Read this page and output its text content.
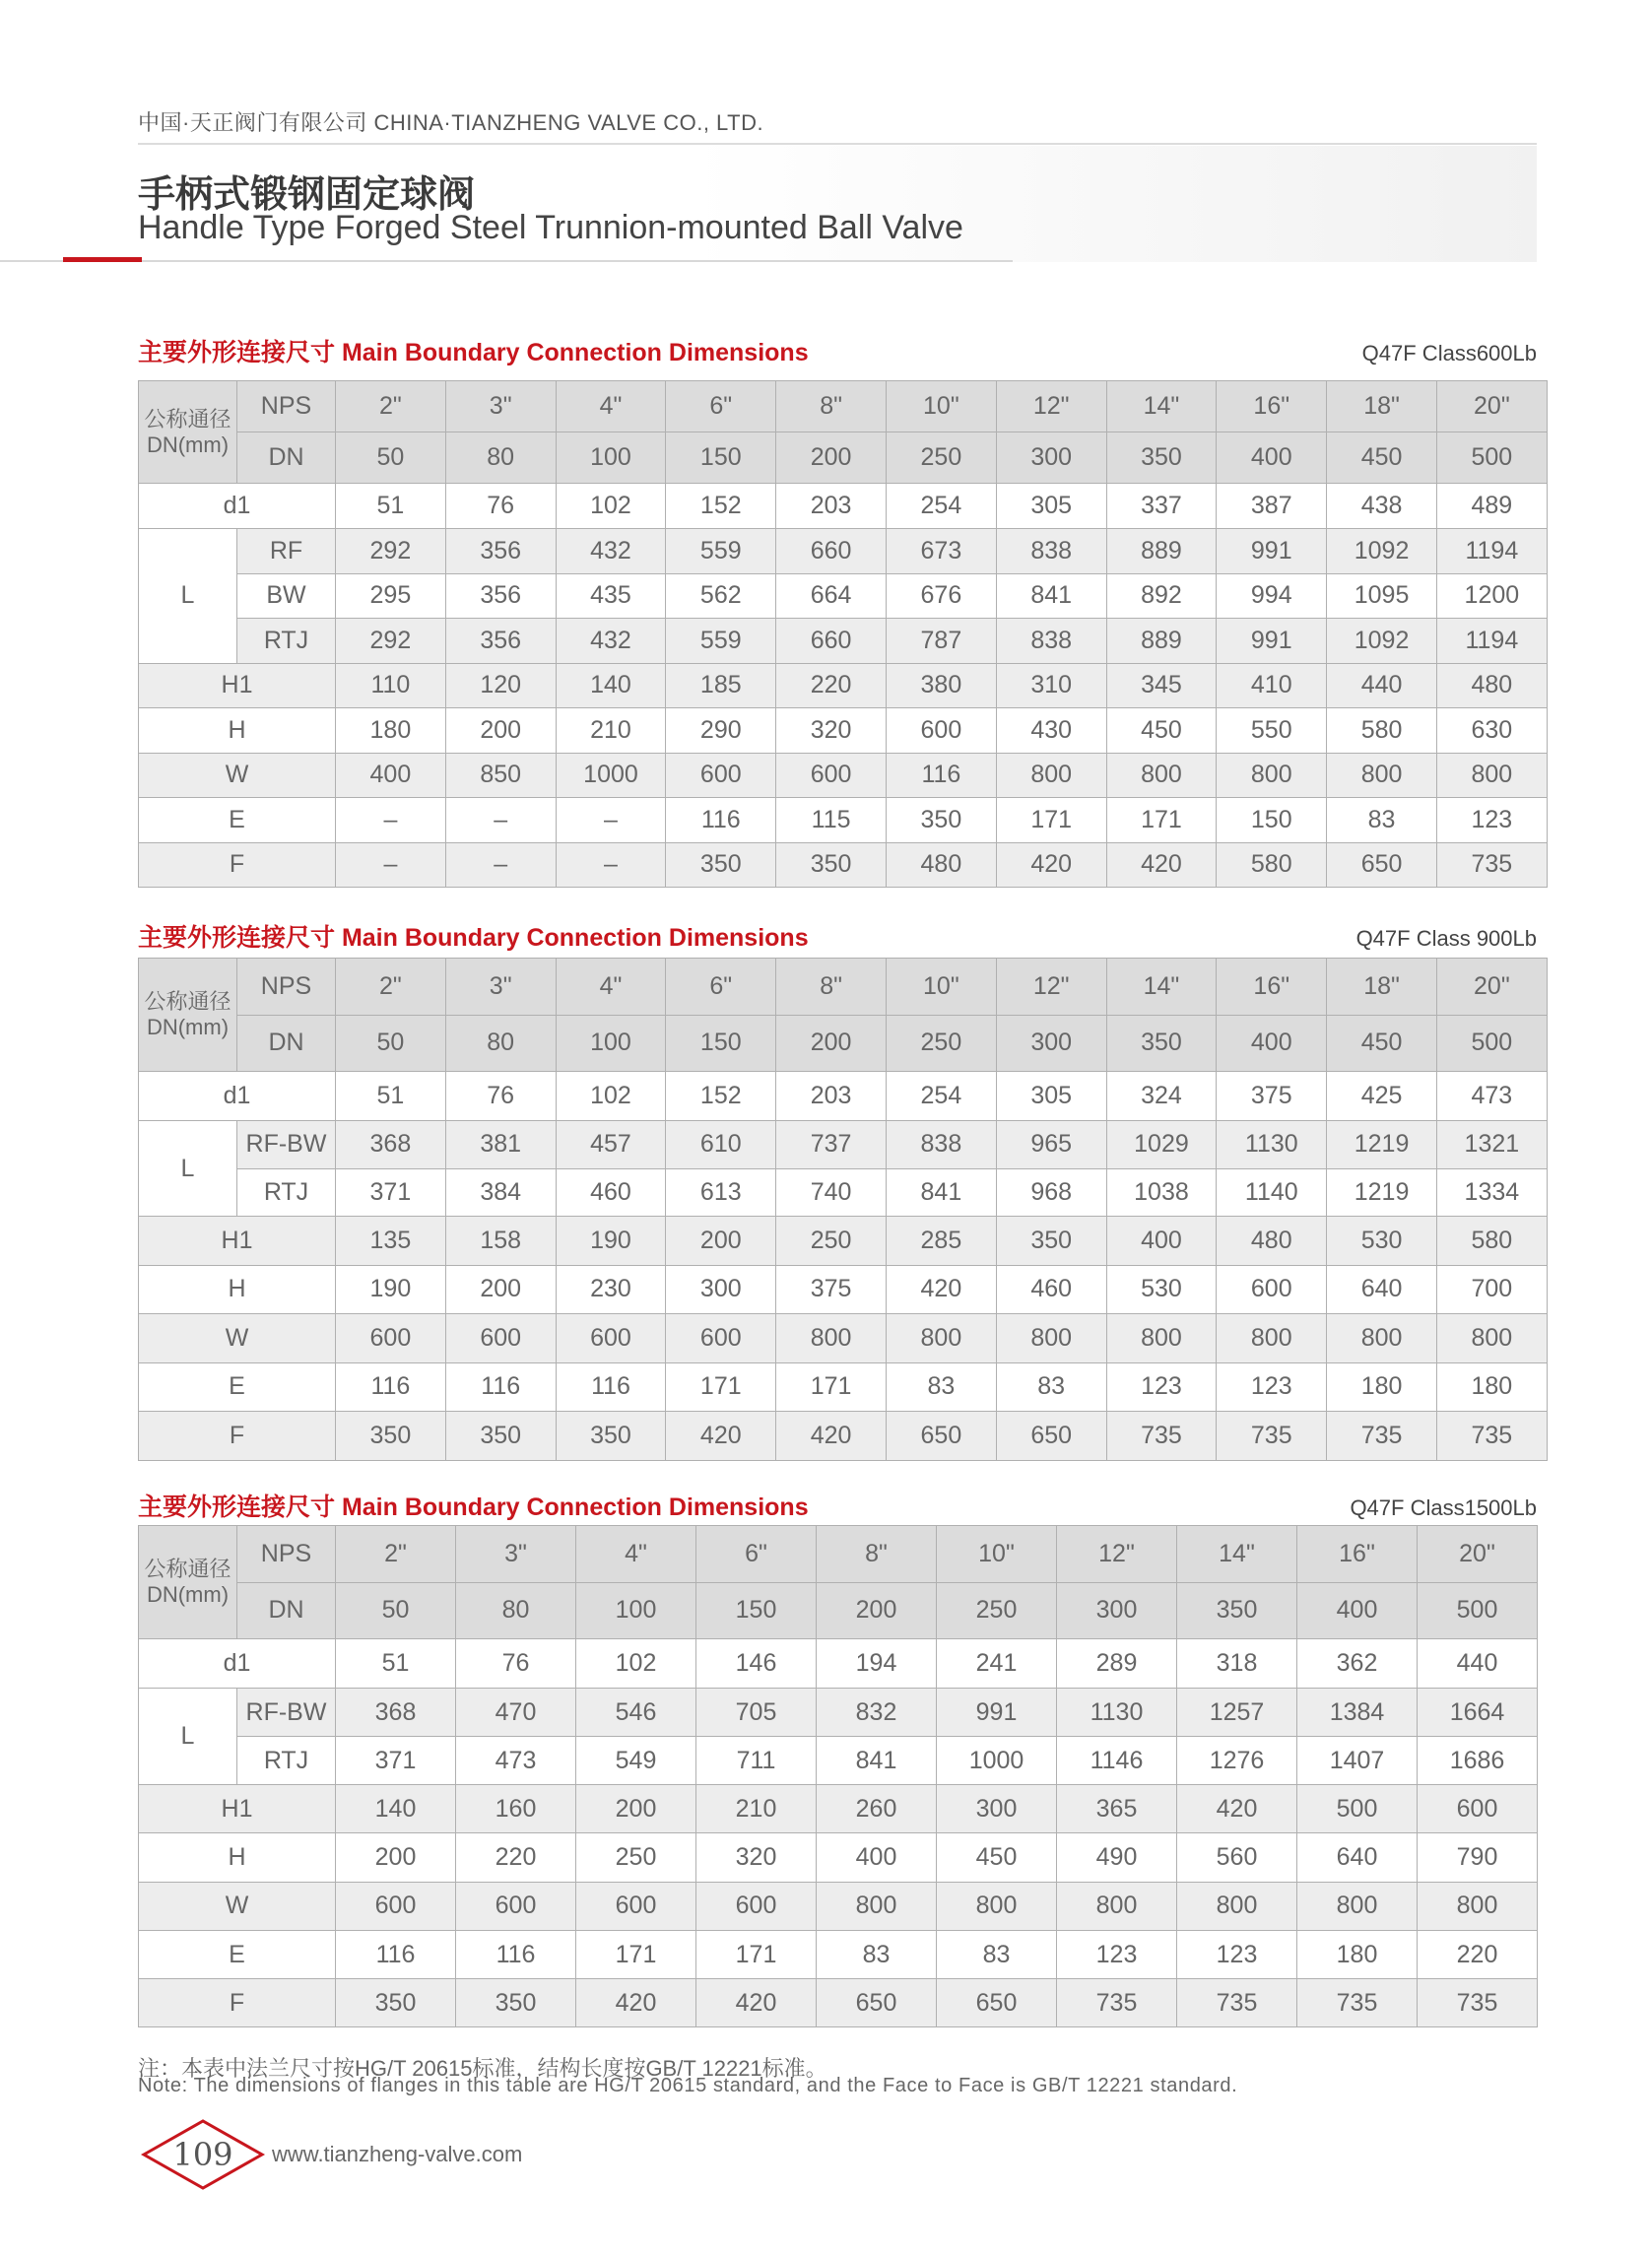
中国·天正阀门有限公司 CHINA·TIANZHENG VALVE CO., LTD.
手柄式锻钢固定球阀
Handle Type Forged Steel Trunnion-mounted Ball Valve
主要外形连接尺寸 Main Boundary Connection Dimensions	Q47F Class600Lb
公称通径DN(mm)	NPS	2"	3"	4"	6"	8"	10"	12"	14"	16"	18"	20"
	DN	50	80	100	150	200	250	300	350	400	450	500
d1		51	76	102	152	203	254	305	337	387	438	489
L	RF	292	356	432	559	660	673	838	889	991	1092	1194
	BW	295	356	435	562	664	676	841	892	994	1095	1200
	RTJ	292	356	432	559	660	787	838	889	991	1092	1194
H1		110	120	140	185	220	380	310	345	410	440	480
H		180	200	210	290	320	600	430	450	550	580	630
W		400	850	1000	600	600	116	800	800	800	800	800
E		–	–	–	116	115	350	171	171	150	83	123
F		–	–	–	350	350	480	420	420	580	650	735
主要外形连接尺寸 Main Boundary Connection Dimensions	Q47F Class 900Lb
公称通径DN(mm)	NPS	2"	3"	4"	6"	8"	10"	12"	14"	16"	18"	20"
	DN	50	80	100	150	200	250	300	350	400	450	500
d1		51	76	102	152	203	254	305	324	375	425	473
L	RF-BW	368	381	457	610	737	838	965	1029	1130	1219	1321
	RTJ	371	384	460	613	740	841	968	1038	1140	1219	1334
H1		135	158	190	200	250	285	350	400	480	530	580
H		190	200	230	300	375	420	460	530	600	640	700
W		600	600	600	600	800	800	800	800	800	800	800
E		116	116	116	171	171	83	83	123	123	180	180
F		350	350	350	420	420	650	650	735	735	735	735
主要外形连接尺寸 Main Boundary Connection Dimensions	Q47F Class1500Lb
公称通径DN(mm)	NPS	2"	3"	4"	6"	8"	10"	12"	14"	16"	20"
	DN	50	80	100	150	200	250	300	350	400	500
d1		51	76	102	146	194	241	289	318	362	440
L	RF-BW	368	470	546	705	832	991	1130	1257	1384	1664
	RTJ	371	473	549	711	841	1000	1146	1276	1407	1686
H1		140	160	200	210	260	300	365	420	500	600
H		200	220	250	320	400	450	490	560	640	790
W		600	600	600	600	800	800	800	800	800	800
E		116	116	171	171	83	83	123	123	180	220
F		350	350	420	420	650	650	735	735	735	735
注：本表中法兰尺寸按HG/T 20615标准，结构长度按GB/T 12221标准。
Note: The dimensions of flanges in this table are HG/T 20615 standard, and the Face to Face is GB/T 12221 standard.
109	www.tianzheng-valve.com
